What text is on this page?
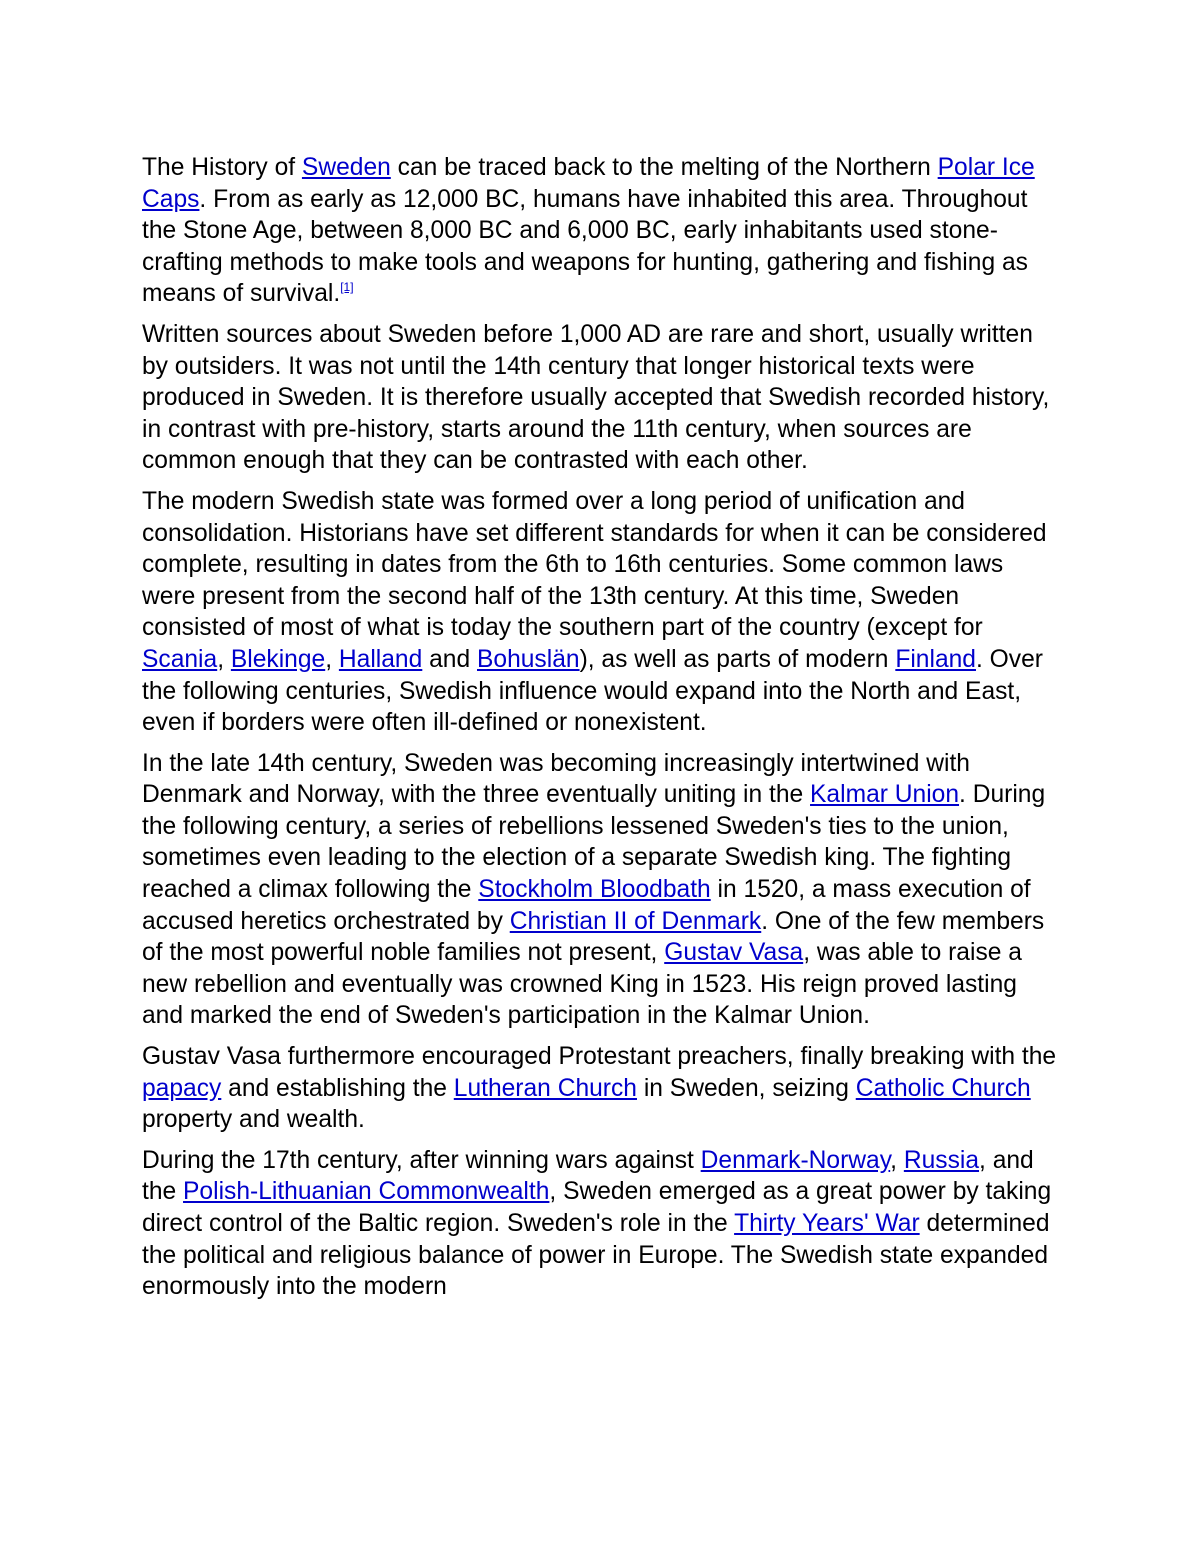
The History of Sweden can be traced back to the melting of the Northern Polar Ice Caps. From as early as 12,000 BC, humans have inhabited this area. Throughout the Stone Age, between 8,000 BC and 6,000 BC, early inhabitants used stone-crafting methods to make tools and weapons for hunting, gathering and fishing as means of survival.[1]

Written sources about Sweden before 1,000 AD are rare and short, usually written by outsiders. It was not until the 14th century that longer historical texts were produced in Sweden. It is therefore usually accepted that Swedish recorded history, in contrast with pre-history, starts around the 11th century, when sources are common enough that they can be contrasted with each other.

The modern Swedish state was formed over a long period of unification and consolidation. Historians have set different standards for when it can be considered complete, resulting in dates from the 6th to 16th centuries. Some common laws were present from the second half of the 13th century. At this time, Sweden consisted of most of what is today the southern part of the country (except for Scania, Blekinge, Halland and Bohuslän), as well as parts of modern Finland. Over the following centuries, Swedish influence would expand into the North and East, even if borders were often ill-defined or nonexistent.

In the late 14th century, Sweden was becoming increasingly intertwined with Denmark and Norway, with the three eventually uniting in the Kalmar Union. During the following century, a series of rebellions lessened Sweden's ties to the union, sometimes even leading to the election of a separate Swedish king. The fighting reached a climax following the Stockholm Bloodbath in 1520, a mass execution of accused heretics orchestrated by Christian II of Denmark. One of the few members of the most powerful noble families not present, Gustav Vasa, was able to raise a new rebellion and eventually was crowned King in 1523. His reign proved lasting and marked the end of Sweden's participation in the Kalmar Union.

Gustav Vasa furthermore encouraged Protestant preachers, finally breaking with the papacy and establishing the Lutheran Church in Sweden, seizing Catholic Church property and wealth.

During the 17th century, after winning wars against Denmark-Norway, Russia, and the Polish-Lithuanian Commonwealth, Sweden emerged as a great power by taking direct control of the Baltic region. Sweden's role in the Thirty Years' War determined the political and religious balance of power in Europe. The Swedish state expanded enormously into the modern
